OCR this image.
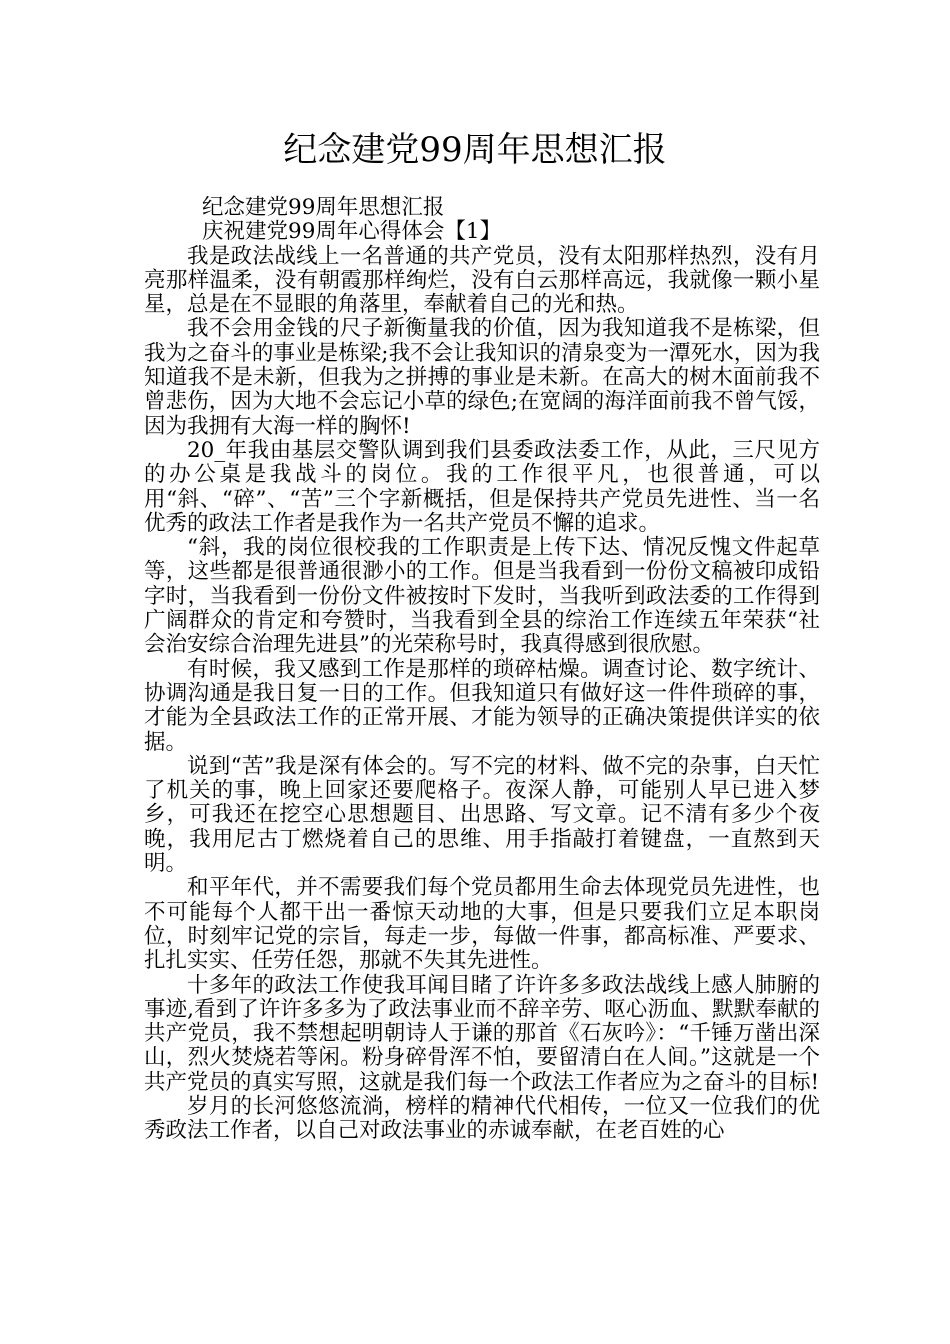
纪念建党99周年思想汇报

纪念建党99周年思想汇报

庆祝建党99周年心得体会【1】

我是政法战线上一名普通的共产党员，没有太阳那样热烈，没有月亮那样温柔，没有朝霞那样绚烂，没有白云那样高远，我就像一颗小星星，总是在不显眼的角落里，奉献着自己的光和热。

我不会用金钱的尺子新衡量我的价值，因为我知道我不是栋梁，但我为之奋斗的事业是栋梁;我不会让我知识的清泉变为一潭死水，因为我知道我不是未新，但我为之拼搏的事业是未新。在高大的树木面前我不曾悲伤，因为大地不会忘记小草的绿色;在宽阔的海洋面前我不曾气馁，因为我拥有大海一样的胸怀!

20_年我由基层交警队调到我们县委政法委工作，从此，三尺见方的办公桌是我战斗的岗位。我的工作很平凡，也很普通，可以用“斜、“碎”、“苦”三个字新概括，但是保持共产党员先进性、当一名优秀的政法工作者是我作为一名共产党员不懈的追求。

“斜，我的岗位很校我的工作职责是上传下达、情况反愧文件起草等，这些都是很普通很渺小的工作。但是当我看到一份份文稿被印成铅字时，当我看到一份份文件被按时下发时，当我听到政法委的工作得到广阔群众的肯定和夸赞时，当我看到全县的综治工作连续五年荣获“社会治安综合治理先进县”的光荣称号时，我真得感到很欣慰。

有时候，我又感到工作是那样的琐碎枯燥。调查讨论、数字统计、协调沟通是我日复一日的工作。但我知道只有做好这一件件琐碎的事，才能为全县政法工作的正常开展、才能为领导的正确决策提供详实的依据。

说到“苦”我是深有体会的。写不完的材料、做不完的杂事，白天忙了机关的事，晚上回家还要爬格子。夜深人静，可能别人早已进入梦乡，可我还在挖空心思想题目、出思路、写文章。记不清有多少个夜晚，我用尼古丁燃烧着自己的思维、用手指敲打着键盘，一直熬到天明。

和平年代，并不需要我们每个党员都用生命去体现党员先进性，也不可能每个人都干出一番惊天动地的大事，但是只要我们立足本职岗位，时刻牢记党的宗旨，每走一步，每做一件事，都高标准、严要求、扎扎实实、任劳任怨，那就不失其先进性。

十多年的政法工作使我耳闻目睹了许许多多政法战线上感人肺腑的事迹,看到了许许多多为了政法事业而不辞辛劳、呕心沥血、默默奉献的共产党员，我不禁想起明朝诗人于谦的那首《石灰吟》：“千锤万凿出深山，烈火焚烧若等闲。粉身碎骨浑不怕，要留清白在人间。”这就是一个共产党员的真实写照，这就是我们每一个政法工作者应为之奋斗的目标!

岁月的长河悠悠流淌，榜样的精神代代相传，一位又一位我们的优秀政法工作者，以自己对政法事业的赤诚奉献，在老百姓的心
